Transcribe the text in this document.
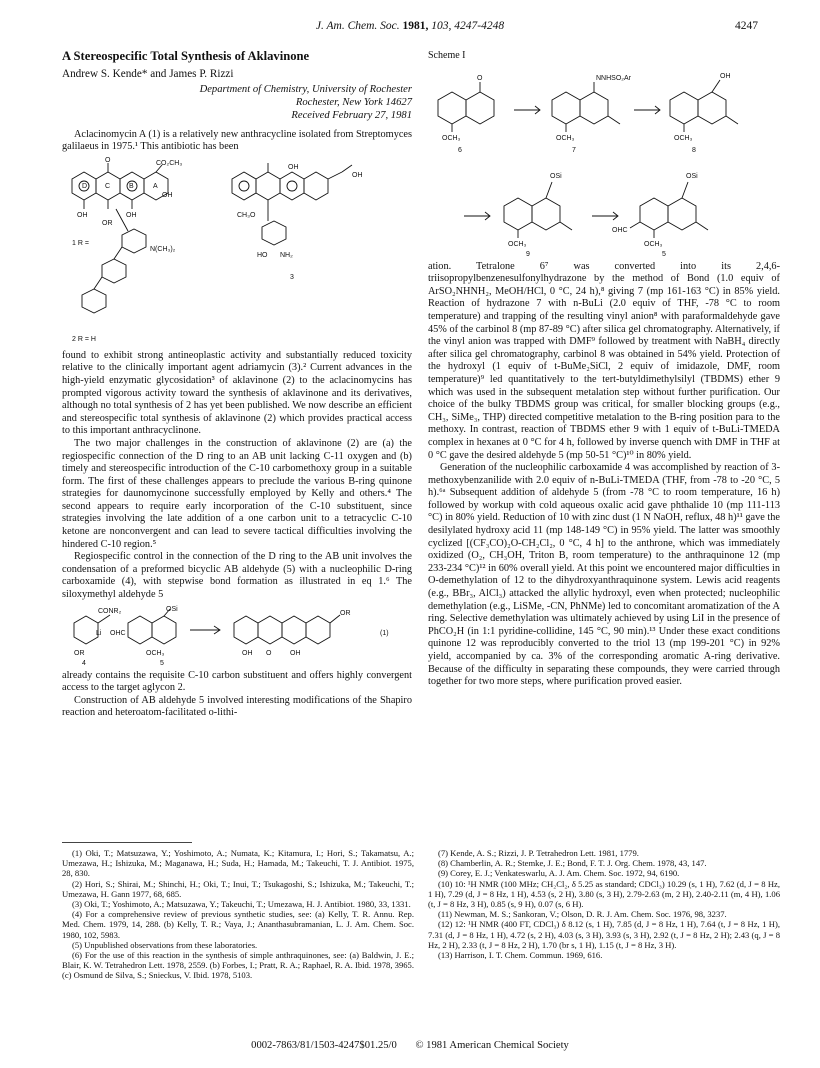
J. Am. Chem. Soc. 1981, 103, 4247-4248	4247
A Stereospecific Total Synthesis of Aklavinone
Andrew S. Kende* and James P. Rizzi
Department of Chemistry, University of Rochester
Rochester, New York 14627
Received February 27, 1981

Aclacinomycin A (1) is a relatively new anthracycline isolated from Streptomyces galilaeus in 1975.¹ This antibiotic has been

D	C	B	A
CO₂CH₃
O
OH	OH
OH
OR
CH₃O
OH
OH
N(CH₃)₂
HO NH₂
1 R =
3
2 R = H

found to exhibit strong antineoplastic activity and substantially reduced toxicity relative to the clinically important agent adriamycin (3).² Current advances in the high-yield enzymatic glycosidation³ of aklavinone (2) to the aclacinomycins has prompted vigorous activity toward the synthesis of aklavinone and its derivatives, although no total synthesis of 2 has yet been published. We now describe an efficient and stereospecific total synthesis of aklavinone (2) which provides practical access to this important anthracyclinone.

The two major challenges in the construction of aklavinone (2) are (a) the regiospecific connection of the D ring to an AB unit lacking C-11 oxygen and (b) timely and stereospecific introduction of the C-10 carbomethoxy group in a suitable form. The first of these challenges appears to preclude the various B-ring quinone strategies for daunomycinone successfully employed by Kelly and others.⁴ The second appears to require early incorporation of the C-10 substituent, since strategies involving the late addition of a one carbon unit to a tetracyclic C-10 ketone are nonconvergent and can lead to severe tactical difficulties involving the hindered C-10 region.⁵

Regiospecific control in the connection of the D ring to the AB unit involves the condensation of a preformed bicyclic AB aldehyde (5) with a nucleophilic D-ring carboxamide (4), with stepwise bond formation as illustrated in eq 1.⁶ The siloxymethyl aldehyde 5

CONR₂
Li OHC
OR
OSi
OCH₃
OR
OH O	OH
4	5
(1)

already contains the requisite C-10 carbon substituent and offers highly convergent access to the target aglycon 2.

Construction of AB aldehyde 5 involved interesting modifications of the Shapiro reaction and heteroatom-facilitated o-lithi-

Scheme I
O
OCH₃
6
NNHSO₂Ar
OCH₃
7
OH
OCH₃
8
OSi
OCH₃
9
OSi
OHC
OCH₃
5

ation. Tetralone 6⁷ was converted into its 2,4,6-triisopropylbenzenesulfonylhydrazone by the method of Bond (1.0 equiv of ArSO₂NHNH₂, MeOH/HCl, 0 °C, 24 h),⁸ giving 7 (mp 161-163 °C) in 85% yield. Reaction of hydrazone 7 with n-BuLi (2.0 equiv of THF, -78 °C to room temperature) and trapping of the resulting vinyl anion⁸ with paraformaldehyde gave 45% of the carbinol 8 (mp 87-89 °C) after silica gel chromatography. Alternatively, if the vinyl anion was trapped with DMF⁹ followed by treatment with NaBH₄ directly after silica gel chromatography, carbinol 8 was obtained in 54% yield. Protection of the hydroxyl (1 equiv of t-BuMe₂SiCl, 2 equiv of imidazole, DMF, room temperature)⁹ led quantitatively to the tert-butyldimethylsilyl (TBDMS) ether 9 which was used in the subsequent metalation step without further purification. Our choice of the bulky TBDMS group was critical, for smaller blocking groups (e.g., CH₃, SiMe₃, THP) directed competitive metalation to the B-ring position para to the methoxy. In contrast, reaction of TBDMS ether 9 with 1 equiv of t-BuLi-TMEDA complex in hexanes at 0 °C for 4 h, followed by inverse quench with DMF in THF at 0 °C gave the desired aldehyde 5 (mp 50-51 °C)¹⁰ in 80% yield.

Generation of the nucleophilic carboxamide 4 was accomplished by reaction of 3-methoxybenzanilide with 2.0 equiv of n-BuLi-TMEDA (THF, from -78 to -20 °C, 5 h).⁶ᵃ Subsequent addition of aldehyde 5 (from -78 °C to room temperature, 16 h) followed by workup with cold aqueous oxalic acid gave phthalide 10 (mp 111-113 °C) in 80% yield. Reduction of 10 with zinc dust (1 N NaOH, reflux, 48 h)¹¹ gave the desilylated hydroxy acid 11 (mp 148-149 °C) in 95% yield. The latter was smoothly cyclized [(CF₃CO)₂O-CH₂Cl₂, 0 °C, 4 h] to the anthrone, which was immediately oxidized (O₂, CH₃OH, Triton B, room temperature) to the anthraquinone 12 (mp 233-234 °C)¹² in 60% overall yield. At this point we encountered major difficulties in O-demethylation of 12 to the dihydroxyanthraquinone system. Lewis acid reagents (e.g., BBr₃, AlCl₃) attacked the allylic hydroxyl, even when protected; nucleophilic demethylation (e.g., LiSMe, -CN, PhNMe) led to concomitant aromatization of the A ring. Selective demethylation was ultimately achieved by using LiI in the presence of PhCO₂H (in 1:1 pyridine-collidine, 145 °C, 90 min).¹³ Under these exact conditions quinone 12 was reproducibly converted to the triol 13 (mp 199-201 °C) in 92% yield, accompanied by ca. 3% of the corresponding aromatic A-ring derivative. Because of the difficulty in separating these compounds, they were carried through together for two more steps, where purification proved easier.

(1) Oki, T.; Matsuzawa, Y.; Yoshimoto, A.; Numata, K.; Kitamura, I.; Hori, S.; Takamatsu, A.; Umezawa, H.; Ishizuka, M.; Maganawa, H.; Suda, H.; Hamada, M.; Takeuchi, T. J. Antibiot. 1975, 28, 830.
(2) Hori, S.; Shirai, M.; Shinchi, H.; Oki, T.; Inui, T.; Tsukagoshi, S.; Ishizuka, M.; Takeuchi, T.; Umezawa, H. Gann 1977, 68, 685.
(3) Oki, T.; Yoshimoto, A.; Matsuzawa, Y.; Takeuchi, T.; Umezawa, H. J. Antibiot. 1980, 33, 1331.
(4) For a comprehensive review of previous synthetic studies, see: (a) Kelly, T. R. Annu. Rep. Med. Chem. 1979, 14, 288. (b) Kelly, T. R.; Vaya, J.; Ananthasubramanian, L. J. Am. Chem. Soc. 1980, 102, 5983.
(5) Unpublished observations from these laboratories.
(6) For the use of this reaction in the synthesis of simple anthraquinones, see: (a) Baldwin, J. E.; Blair, K. W. Tetrahedron Lett. 1978, 2559. (b) Forbes, I.; Pratt, R. A.; Raphael, R. A. Ibid. 1978, 3965. (c) Osmund de Silva, S.; Snieckus, V. Ibid. 1978, 5103.
(7) Kende, A. S.; Rizzi, J. P. Tetrahedron Lett. 1981, 1779.
(8) Chamberlin, A. R.; Stemke, J. E.; Bond, F. T. J. Org. Chem. 1978, 43, 147.
(9) Corey, E. J.; Venkateswarlu, A. J. Am. Chem. Soc. 1972, 94, 6190.
(10) 10: ¹H NMR (100 MHz; CH₂Cl₂, δ 5.25 as standard; CDCl₃) 10.29 (s, 1 H), 7.62 (d, J = 8 Hz, 1 H), 7.29 (d, J = 8 Hz, 1 H), 4.53 (s, 2 H), 3.80 (s, 3 H), 2.79-2.63 (m, 2 H), 2.40-2.11 (m, 4 H), 1.06 (t, J = 8 Hz, 3 H), 0.85 (s, 9 H), 0.07 (s, 6 H).
(11) Newman, M. S.; Sankoran, V.; Olson, D. R. J. Am. Chem. Soc. 1976, 98, 3237.
(12) 12: ¹H NMR (400 FT, CDCl₃) δ 8.12 (s, 1 H), 7.85 (d, J = 8 Hz, 1 H), 7.64 (t, J = 8 Hz, 1 H), 7.31 (d, J = 8 Hz, 1 H), 4.72 (s, 2 H), 4.03 (s, 3 H), 3.93 (s, 3 H), 2.92 (t, J = 8 Hz, 2 H); 2.43 (q, J = 8 Hz, 2 H), 2.33 (t, J = 8 Hz, 2 H), 1.70 (br s, 1 H), 1.15 (t, J = 8 Hz, 3 H).
(13) Harrison, I. T. Chem. Commun. 1969, 616.
0002-7863/81/1503-4247$01.25/0 © 1981 American Chemical Society
